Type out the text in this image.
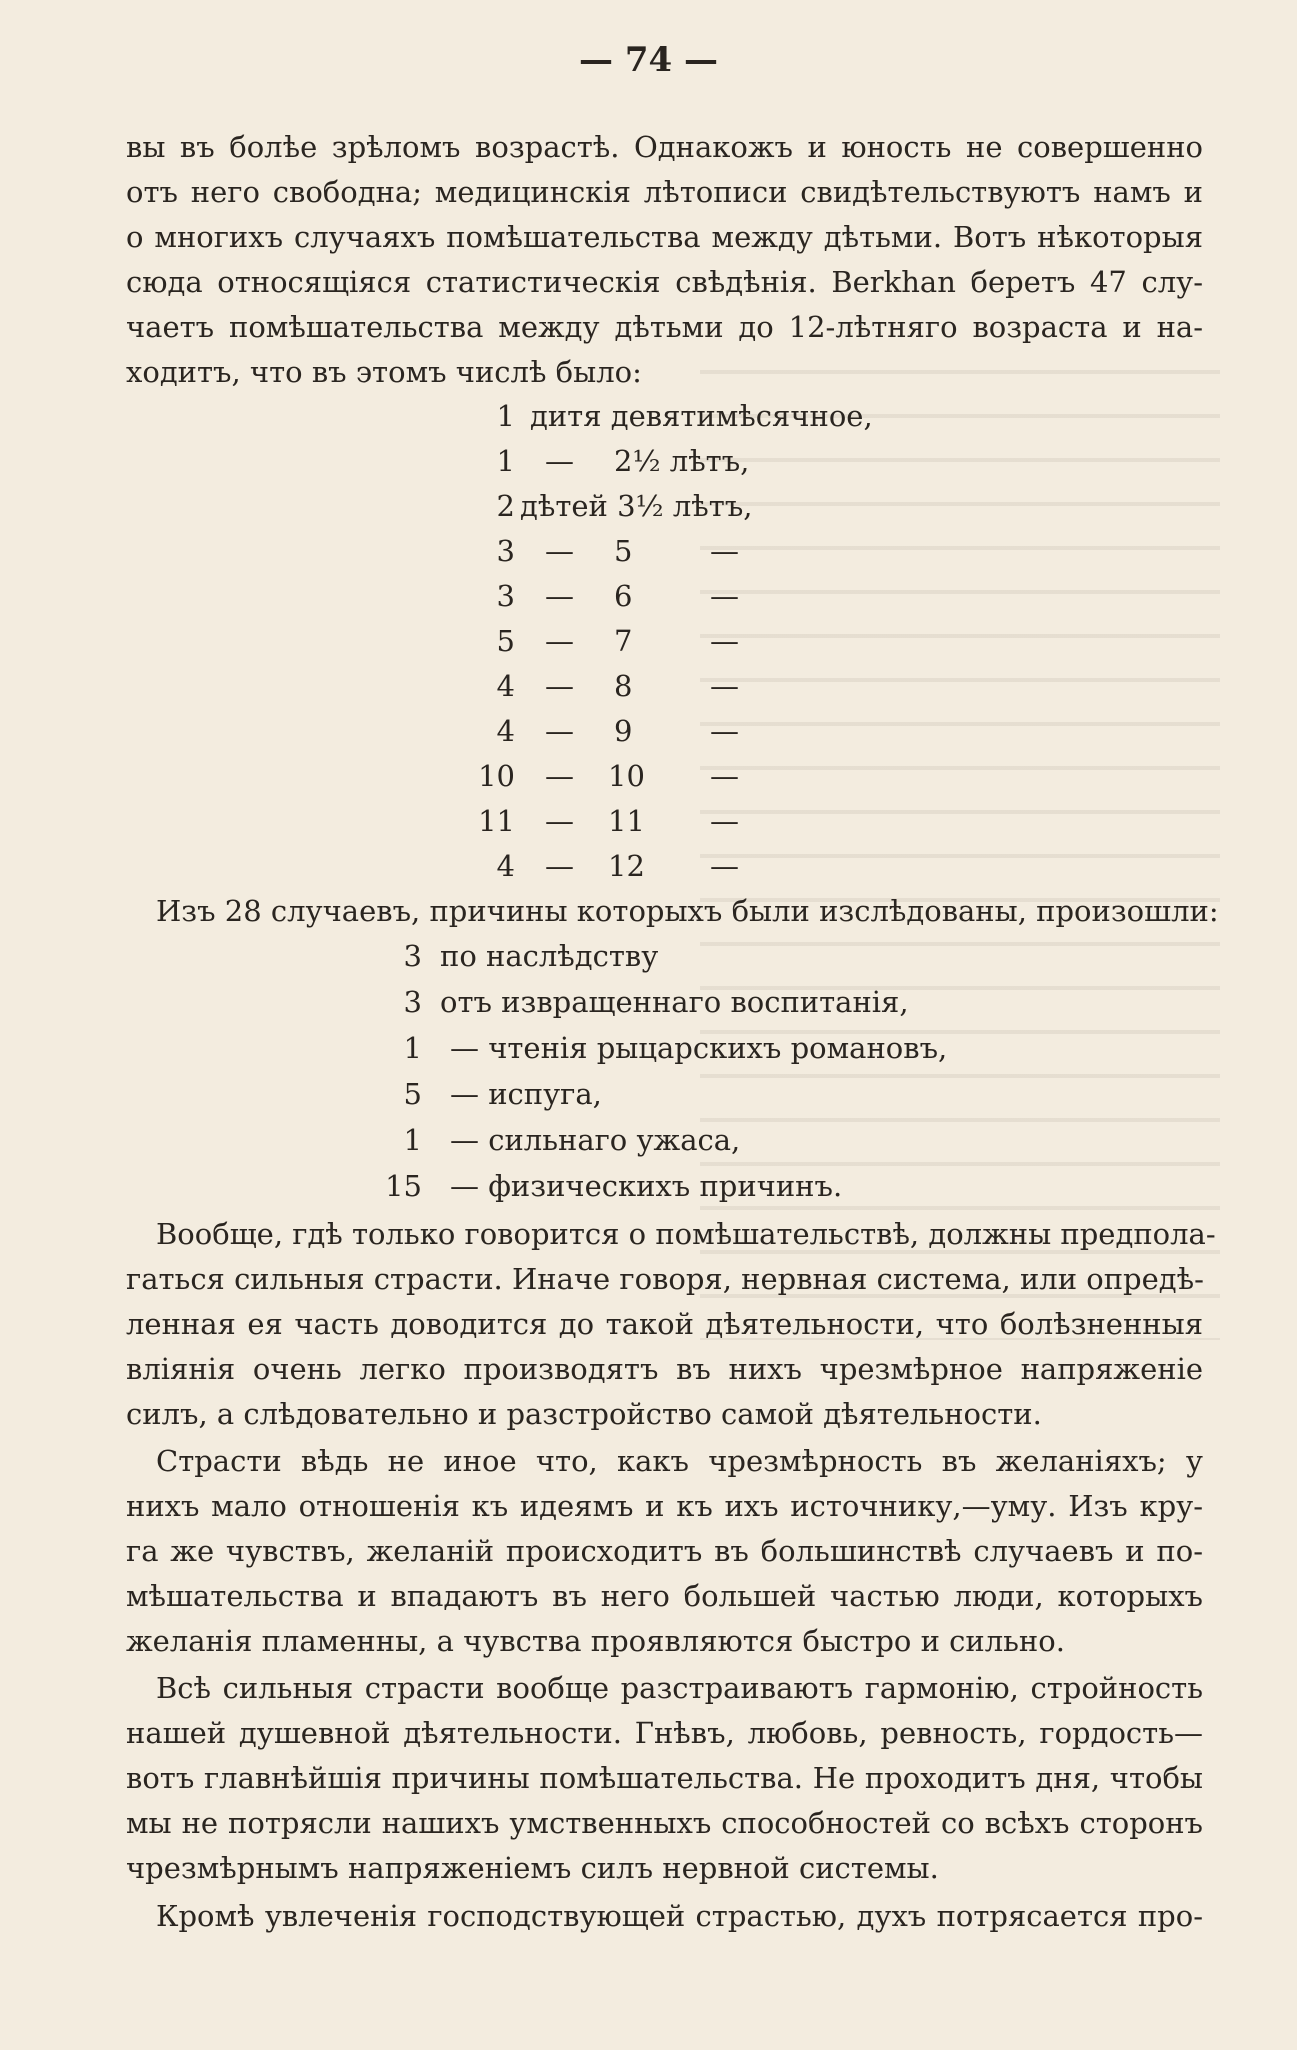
— 74 —
вы въ болѣе зрѣломъ возрастѣ. Однакожъ и юность не совершенно
отъ него свободна; медицинскія лѣтописи свидѣтельствуютъ намъ и
о многихъ случаяхъ помѣшательства между дѣтьми. Вотъ нѣкоторыя
сюда относящіяся статистическія свѣдѣнія. Berkhan беретъ 47 слу-
чаетъ помѣшательства между дѣтьми до 12-лѣтняго возраста и на-
ходитъ, что въ этомъ числѣ было:
1 дитя девятимѣсячное,
1 — 2½ лѣтъ,
2 дѣтей 3½ лѣтъ,
3 — 5	—
3 — 6	—
5 — 7	—
4 — 8	—
4 — 9	—
10 — 10 —
11 — 11 —
4 — 12 —
Изъ 28 случаевъ, причины которыхъ были изслѣдованы, произошли:
3 по наслѣдству
3 отъ извращеннаго воспитанія,
1 — чтенія рыцарскихъ романовъ,
5 — испуга,
1 — сильнаго ужаса,
15 — физическихъ причинъ.
Вообще, гдѣ только говорится о помѣшательствѣ, должны предпола-
гаться сильныя страсти. Иначе говоря, нервная система, или опредѣ-
ленная ея часть доводится до такой дѣятельности, что болѣзненныя
вліянія очень легко производятъ въ нихъ чрезмѣрное напряженіе
силъ, а слѣдовательно и разстройство самой дѣятельности.
Страсти вѣдь не иное что, какъ чрезмѣрность въ желаніяхъ; у
нихъ мало отношенія къ идеямъ и къ ихъ источнику,—уму. Изъ кру-
га же чувствъ, желаній происходитъ въ большинствѣ случаевъ и по-
мѣшательства и впадаютъ въ него большей частью люди, которыхъ
желанія пламенны, а чувства проявляются быстро и сильно.
Всѣ сильныя страсти вообще разстраиваютъ гармонію, стройность
нашей душевной дѣятельности. Гнѣвъ, любовь, ревность, гордость—
вотъ главнѣйшія причины помѣшательства. Не проходитъ дня, чтобы
мы не потрясли нашихъ умственныхъ способностей со всѣхъ сторонъ
чрезмѣрнымъ напряженіемъ силъ нервной системы.
Кромѣ увлеченія господствующей страстью, духъ потрясается про-
